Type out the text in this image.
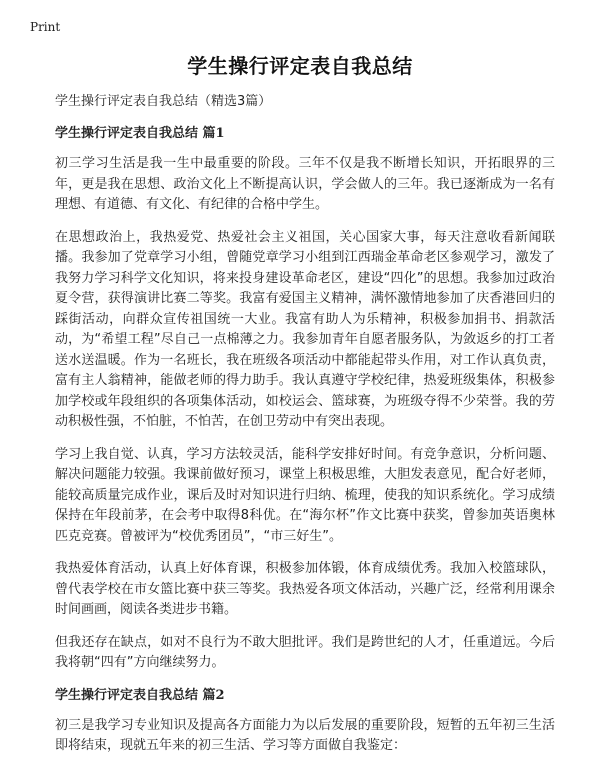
Print
学生操行评定表自我总结

学生操行评定表自我总结（精选3篇）

学生操行评定表自我总结 篇1

初三学习生活是我一生中最重要的阶段。三年不仅是我不断增长知识，开拓眼界的三年，更是我在思想、政治文化上不断提高认识，学会做人的三年。我已逐渐成为一名有理想、有道德、有文化、有纪律的合格中学生。

在思想政治上，我热爱党、热爱社会主义祖国，关心国家大事，每天注意收看新闻联播。我参加了党章学习小组，曾随党章学习小组到江西瑞金革命老区参观学习，激发了我努力学习科学文化知识，将来投身建设革命老区，建设“四化”的思想。我参加过政治夏令营，获得演讲比赛二等奖。我富有爱国主义精神，满怀激情地参加了庆香港回归的踩街活动，向群众宣传祖国统一大业。我富有助人为乐精神，积极参加捐书、捐款活动，为“希望工程”尽自己一点棉薄之力。我参加青年自愿者服务队，为敛返乡的打工者送水送温暖。作为一名班长，我在班级各项活动中都能起带头作用，对工作认真负责，富有主人翁精神，能做老师的得力助手。我认真遵守学校纪律，热爱班级集体，积极参加学校或年段组织的各项集体活动，如校运会、篮球赛，为班级夺得不少荣誉。我的劳动积极性强，不怕脏，不怕苦，在创卫劳动中有突出表现。

学习上我自觉、认真，学习方法较灵活，能科学安排好时间。有竞争意识，分析问题、解决问题能力较强。我课前做好预习，课堂上积极思维，大胆发表意见，配合好老师，能较高质量完成作业，课后及时对知识进行归纳、梳理，使我的知识系统化。学习成绩保持在年段前茅，在会考中取得8科优。在“海尔杯”作文比赛中获奖，曾参加英语奥林匹克竞赛。曾被评为“校优秀团员”，“市三好生”。

我热爱体育活动，认真上好体育课，积极参加体锻，体育成绩优秀。我加入校篮球队，曾代表学校在市女篮比赛中获三等奖。我热爱各项文体活动，兴趣广泛，经常利用课余时间画画，阅读各类进步书籍。

但我还存在缺点，如对不良行为不敢大胆批评。我们是跨世纪的人才，任重道远。今后我将朝“四有”方向继续努力。

学生操行评定表自我总结 篇2

初三是我学习专业知识及提高各方面能力为以后发展的重要阶段，短暂的五年初三生活即将结束，现就五年来的初三生活、学习等方面做自我鉴定：
